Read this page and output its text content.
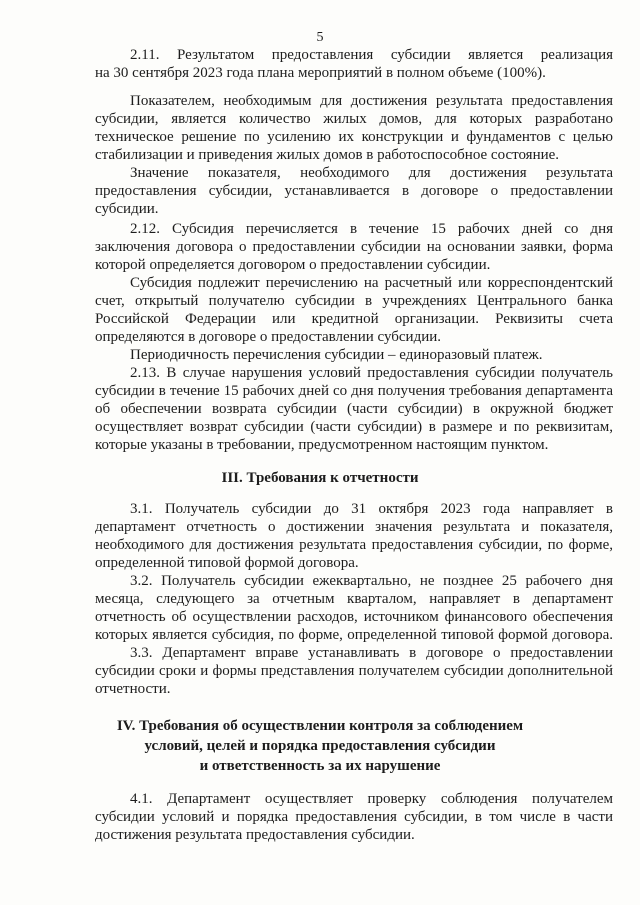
5
2.11. Результатом предоставления субсидии является реализация
на 30 сентября 2023 года плана мероприятий в полном объеме (100%).
Показателем, необходимым для достижения результата предоставления
субсидии, является количество жилых домов, для которых разработано
техническое решение по усилению их конструкции и фундаментов с целью
стабилизации и приведения жилых домов в работоспособное состояние.
Значение показателя, необходимого для достижения результата
предоставления субсидии, устанавливается в договоре о предоставлении
субсидии.
2.12. Субсидия перечисляется в течение 15 рабочих дней со дня
заключения договора о предоставлении субсидии на основании заявки, форма
которой определяется договором о предоставлении субсидии.
Субсидия подлежит перечислению на расчетный или корреспондентский
счет, открытый получателю субсидии в учреждениях Центрального банка
Российской Федерации или кредитной организации. Реквизиты счета
определяются в договоре о предоставлении субсидии.
Периодичность перечисления субсидии – единоразовый платеж.
2.13. В случае нарушения условий предоставления субсидии получатель
субсидии в течение 15 рабочих дней со дня получения требования департамента
об обеспечении возврата субсидии (части субсидии) в окружной бюджет
осуществляет возврат субсидии (части субсидии) в размере и по реквизитам,
которые указаны в требовании, предусмотренном настоящим пунктом.
III. Требования к отчетности
3.1. Получатель субсидии до 31 октября 2023 года направляет в
департамент отчетность о достижении значения результата и показателя,
необходимого для достижения результата предоставления субсидии, по форме,
определенной типовой формой договора.
3.2. Получатель субсидии ежеквартально, не позднее 25 рабочего дня
месяца, следующего за отчетным кварталом, направляет в департамент
отчетность об осуществлении расходов, источником финансового обеспечения
которых является субсидия, по форме, определенной типовой формой договора.
3.3. Департамент вправе устанавливать в договоре о предоставлении
субсидии сроки и формы представления получателем субсидии дополнительной
отчетности.
IV. Требования об осуществлении контроля за соблюдением
условий, целей и порядка предоставления субсидии
и ответственность за их нарушение
4.1. Департамент осуществляет проверку соблюдения получателем
субсидии условий и порядка предоставления субсидии, в том числе в части
достижения результата предоставления субсидии.
